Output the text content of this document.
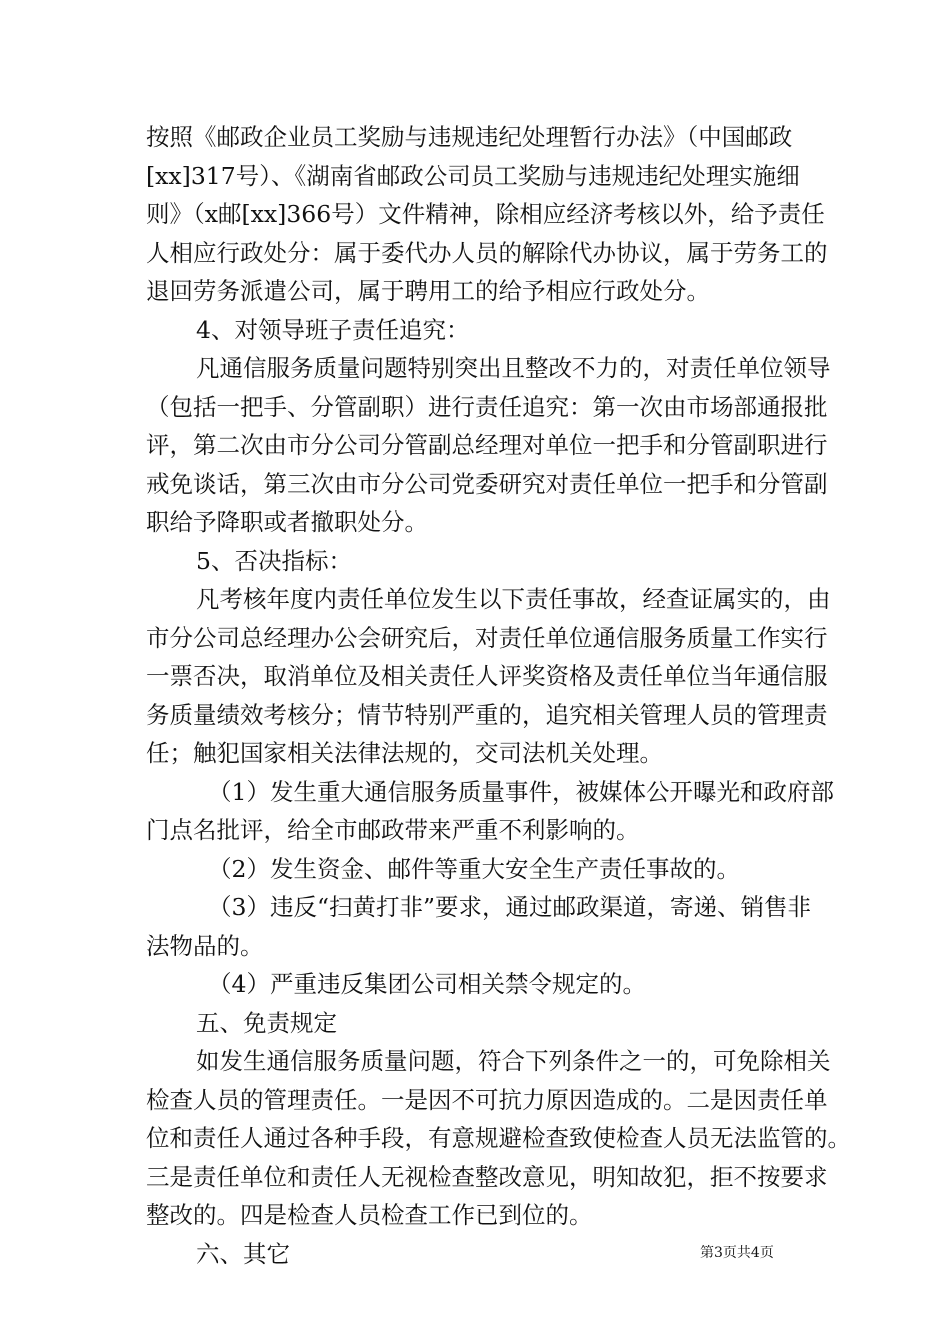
按照《邮政企业员工奖励与违规违纪处理暂行办法》（中国邮政
[xx]317号）、《湖南省邮政公司员工奖励与违规违纪处理实施细
则》（x邮[xx]366号）文件精神，除相应经济考核以外，给予责任
人相应行政处分：属于委代办人员的解除代办协议，属于劳务工的
退回劳务派遣公司，属于聘用工的给予相应行政处分。
4、对领导班子责任追究：
凡通信服务质量问题特别突出且整改不力的，对责任单位领导
（包括一把手、分管副职）进行责任追究：第一次由市场部通报批
评，第二次由市分公司分管副总经理对单位一把手和分管副职进行
戒免谈话，第三次由市分公司党委研究对责任单位一把手和分管副
职给予降职或者撤职处分。
5、否决指标：
凡考核年度内责任单位发生以下责任事故，经查证属实的，由
市分公司总经理办公会研究后，对责任单位通信服务质量工作实行
一票否决，取消单位及相关责任人评奖资格及责任单位当年通信服
务质量绩效考核分；情节特别严重的，追究相关管理人员的管理责
任；触犯国家相关法律法规的，交司法机关处理。
（1）发生重大通信服务质量事件，被媒体公开曝光和政府部
门点名批评，给全市邮政带来严重不利影响的。
（2）发生资金、邮件等重大安全生产责任事故的。
（3）违反“扫黄打非”要求，通过邮政渠道，寄递、销售非
法物品的。
（4）严重违反集团公司相关禁令规定的。
五、免责规定
如发生通信服务质量问题，符合下列条件之一的，可免除相关
检查人员的管理责任。一是因不可抗力原因造成的。二是因责任单
位和责任人通过各种手段，有意规避检查致使检查人员无法监管的。
三是责任单位和责任人无视检查整改意见，明知故犯，拒不按要求
整改的。四是检查人员检查工作已到位的。
六、其它	第3页共4页
